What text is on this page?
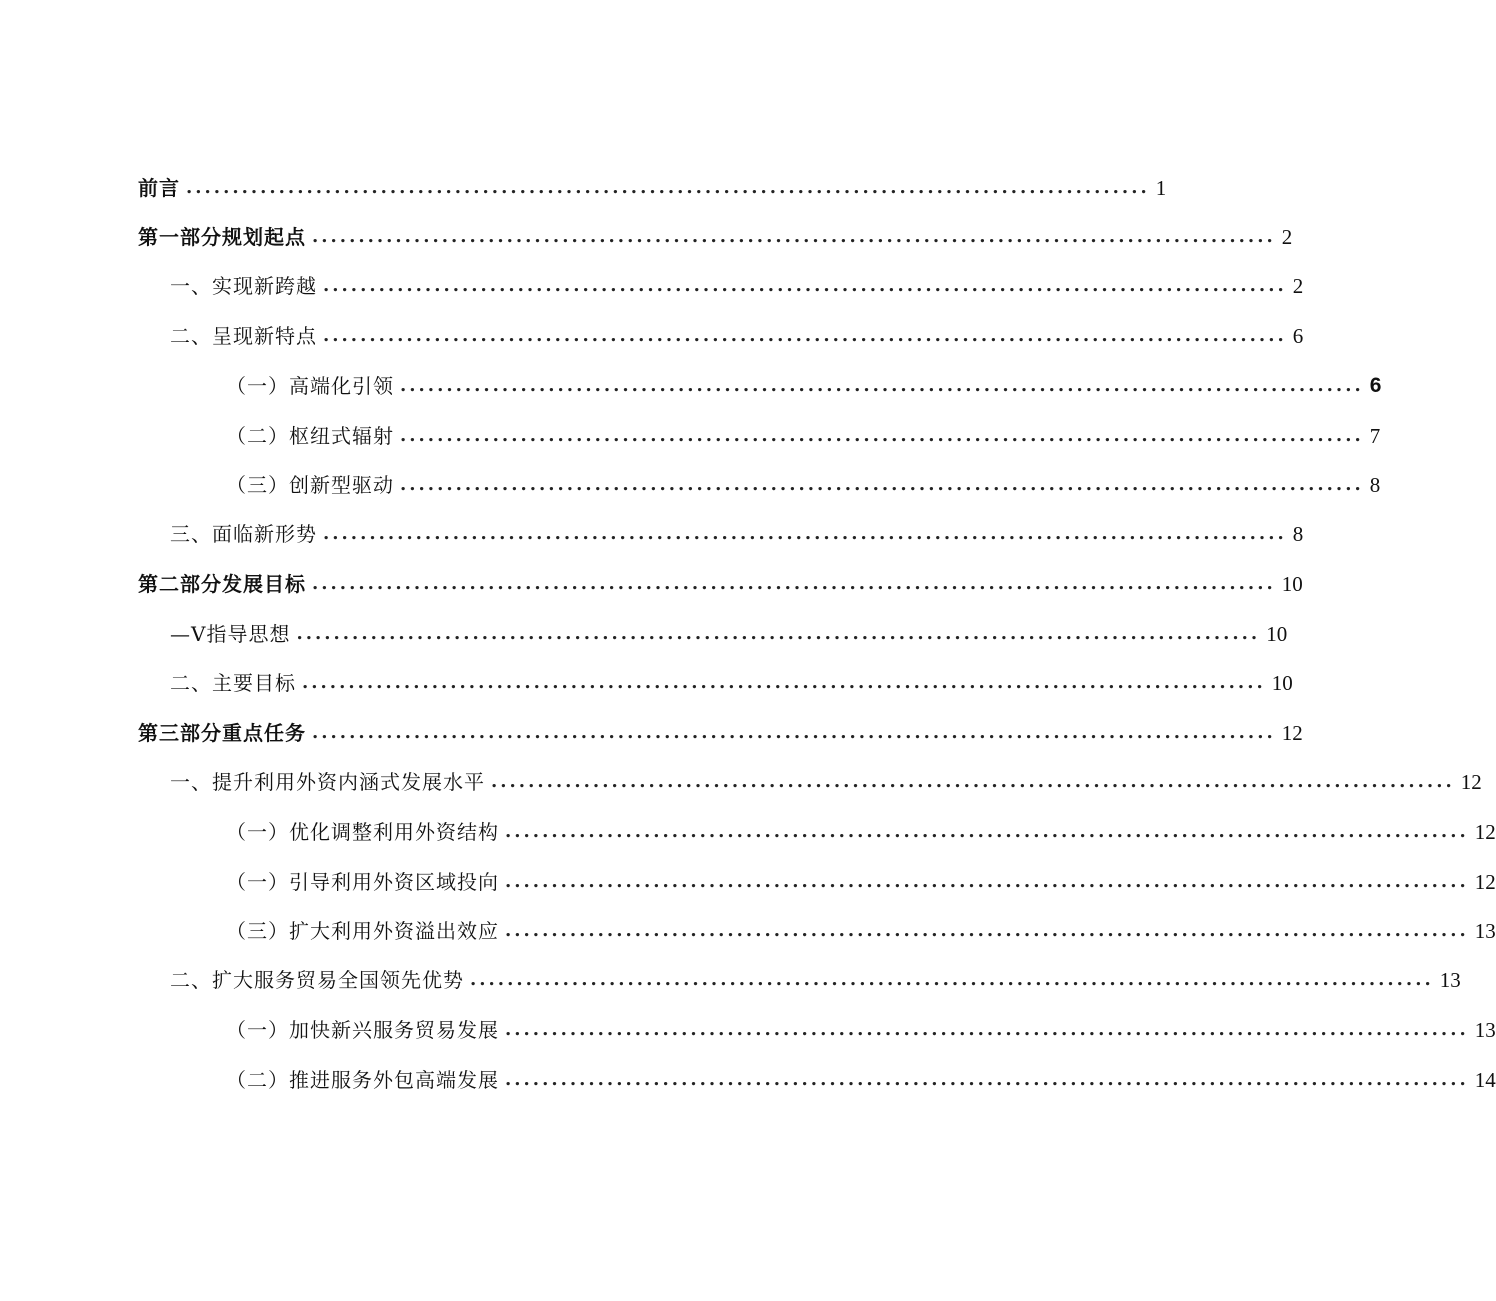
前言 ........................................................................................................ 1
第一部分规划起点 ........................................................................................................ 2
一、实现新跨越 ........................................................................................................ 2
二、呈现新特点 ........................................................................................................ 6
（一）高端化引领 ........................................................................................................ 6
（二）枢纽式辐射 ........................................................................................................ 7
（三）创新型驱动 ........................................................................................................ 8
三、面临新形势 ........................................................................................................ 8
第二部分发展目标 ........................................................................................................ 10
—V指导思想 ........................................................................................................ 10
二、主要目标 ........................................................................................................ 10
第三部分重点任务 ........................................................................................................ 12
一、提升利用外资内涵式发展水平 ........................................................................................................ 12
（一）优化调整利用外资结构 ........................................................................................................ 12
（一）引导利用外资区域投向 ........................................................................................................ 12
（三）扩大利用外资溢出效应 ........................................................................................................ 13
二、扩大服务贸易全国领先优势 ........................................................................................................ 13
（一）加快新兴服务贸易发展 ........................................................................................................ 13
（二）推进服务外包高端发展 ........................................................................................................ 14
